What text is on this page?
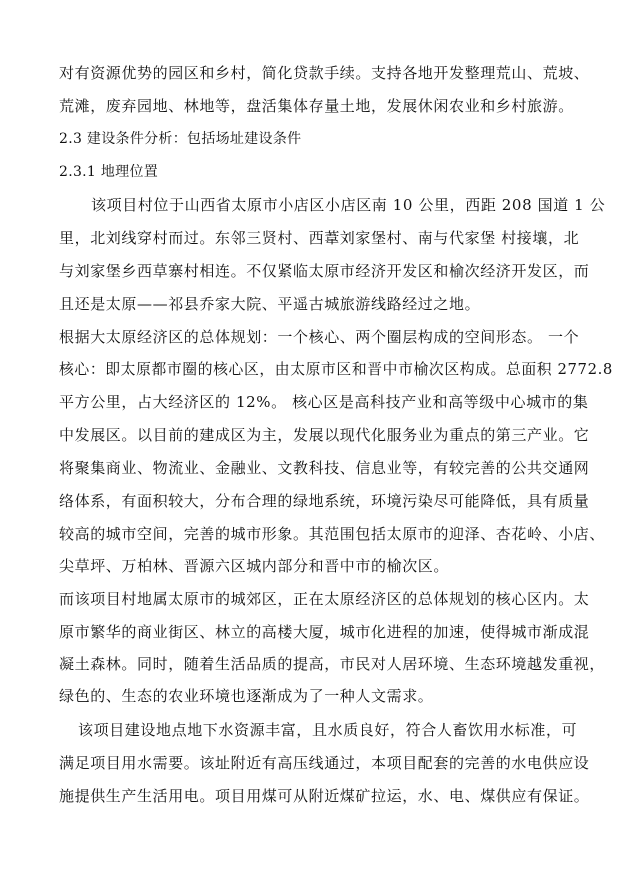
对有资源优势的园区和乡村，简化贷款手续。支持各地开发整理荒山、荒坡、
荒滩，废弃园地、林地等，盘活集体存量土地，发展休闲农业和乡村旅游。
2.3 建设条件分析：包括场址建设条件
2.3.1 地理位置
该项目村位于山西省太原市小店区小店区南 10 公里，西距 208 国道 1 公
里，北刘线穿村而过。东邻三贤村、西葦刘家堡村、南与代家堡 村接壤，北
与刘家堡乡西草寨村相连。不仅紧临太原市经济开发区和榆次经济开发区，而
且还是太原——祁县乔家大院、平遥古城旅游线路经过之地。
根据大太原经济区的总体规划：一个核心、两个圈层构成的空间形态。 一个
核心：即太原都市圈的核心区，由太原市区和晋中市榆次区构成。总面积 2772.8
平方公里，占大经济区的 12%。 核心区是高科技产业和高等级中心城市的集
中发展区。以目前的建成区为主，发展以现代化服务业为重点的第三产业。它
将聚集商业、物流业、金融业、文教科技、信息业等，有较完善的公共交通网
络体系，有面积较大，分布合理的绿地系统，环境污染尽可能降低，具有质量
较高的城市空间，完善的城市形象。其范围包括太原市的迎泽、杏花岭、小店、
尖草坪、万柏林、晋源六区城内部分和晋中市的榆次区。
而该项目村地属太原市的城郊区，正在太原经济区的总体规划的核心区内。太
原市繁华的商业街区、林立的高楼大厦，城市化进程的加速，使得城市渐成混
凝土森林。同时，随着生活品质的提高，市民对人居环境、生态环境越发重视，
绿色的、生态的农业环境也逐渐成为了一种人文需求。
该项目建设地点地下水资源丰富，且水质良好，符合人畜饮用水标准，可
满足项目用水需要。该址附近有高压线通过，本项目配套的完善的水电供应设
施提供生产生活用电。项目用煤可从附近煤矿拉运，水、电、煤供应有保证。
